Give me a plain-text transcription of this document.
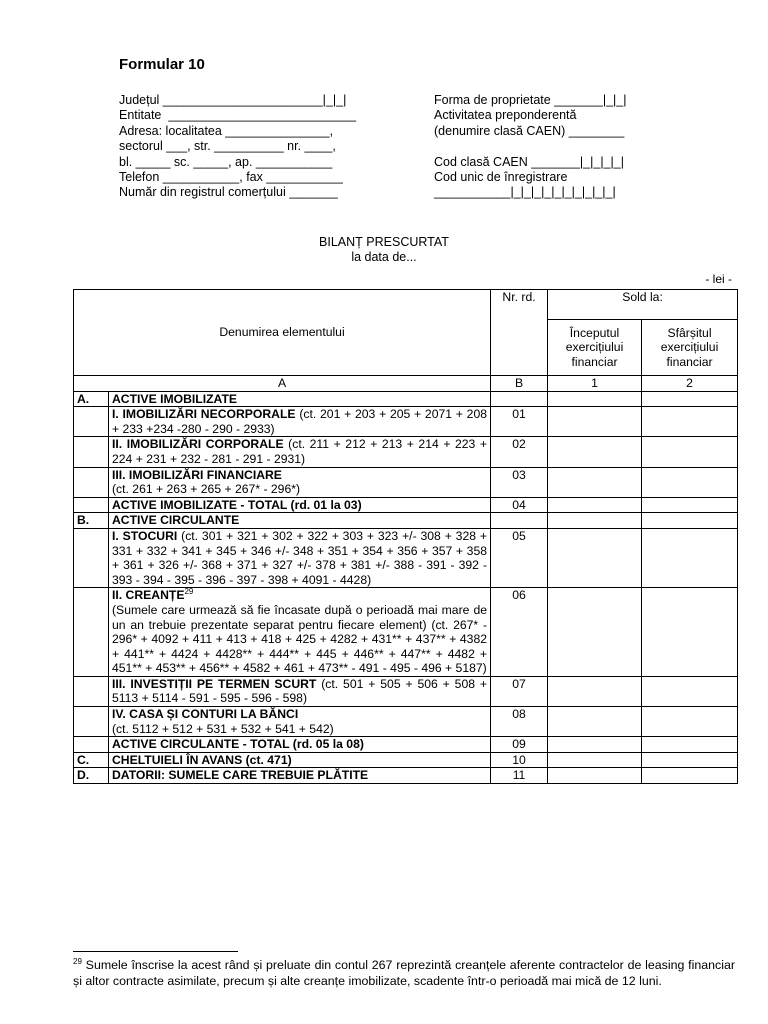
Formular 10
Județul _______________________|_|_|
Entitate  ___________________________
Adresa: localitatea _______________,
sectorul ___, str. __________ nr. ____,
bl. _____ sc. _____, ap. ___________
Telefon ___________, fax ___________
Număr din registrul comerțului _______
Forma de proprietate _______|_|_|
Activitatea preponderentă
(denumire clasă CAEN) ________
Cod clasă CAEN _______|_|_|_|_|
Cod unic de înregistrare
___________|_|_|_|_|_|_|_|_|_|_|
BILANȚ PRESCURTAT
la data de...
- lei -
Denumirea elementului		Nr. rd.	Sold la:	
			Începutul exercițiului financiar	Sfârșitul exercițiului financiar
A		B	1	2
A.	ACTIVE IMOBILIZATE			
	I. IMOBILIZĂRI NECORPORALE (ct. 201 + 203 + 205 + 2071 + 208 + 233 +234 -280 - 290 - 2933)	01		
	II. IMOBILIZĂRI CORPORALE (ct. 211 + 212 + 213 + 214 + 223 + 224 + 231 + 232 - 281 - 291 - 2931)	02		
	III. IMOBILIZĂRI FINANCIARE
(ct. 261 + 263 + 265 + 267* - 296*)	03		
	ACTIVE IMOBILIZATE - TOTAL (rd. 01 la 03)	04		
B.	ACTIVE CIRCULANTE			
	I. STOCURI (ct. 301 + 321 + 302 + 322 + 303 + 323 +/- 308 + 328 + 331 + 332 + 341 + 345 + 346 +/- 348 + 351 + 354 + 356 + 357 + 358 + 361 + 326 +/- 368 + 371 + 327 +/- 378 + 381 +/- 388 - 391 - 392 - 393 - 394 - 395 - 396 - 397 - 398 + 4091 - 4428)	05		
	II. CREANȚE$^{29}$
(Sumele care urmează să fie încasate după o perioadă mai mare de un an trebuie prezentate separat pentru fiecare element) (ct. 267* - 296* + 4092 + 411 + 413 + 418 + 425 + 4282 + 431** + 437** + 4382 + 441** + 4424 + 4428** + 444** + 445 + 446** + 447** + 4482 + 451** + 453** + 456** + 4582 + 461 + 473** - 491 - 495 - 496 + 5187)	06		
	III. INVESTIȚII PE TERMEN SCURT (ct. 501 + 505 + 506 + 508 + 5113 + 5114 - 591 - 595 - 596 - 598)	07		
	IV. CASA ȘI CONTURI LA BĂNCI
(ct. 5112 + 512 + 531 + 532 + 541 + 542)	08		
	ACTIVE CIRCULANTE - TOTAL (rd. 05 la 08)	09		
C.	CHELTUIELI ÎN AVANS (ct. 471)	10		
D.	DATORII: SUMELE CARE TREBUIE PLĂTITE	11		
$^{29}$ Sumele înscrise la acest rând și preluate din contul 267 reprezintă creanțele aferente contractelor de leasing financiar și altor contracte asimilate, precum și alte creanțe imobilizate, scadente într-o perioadă mai mică de 12 luni.
